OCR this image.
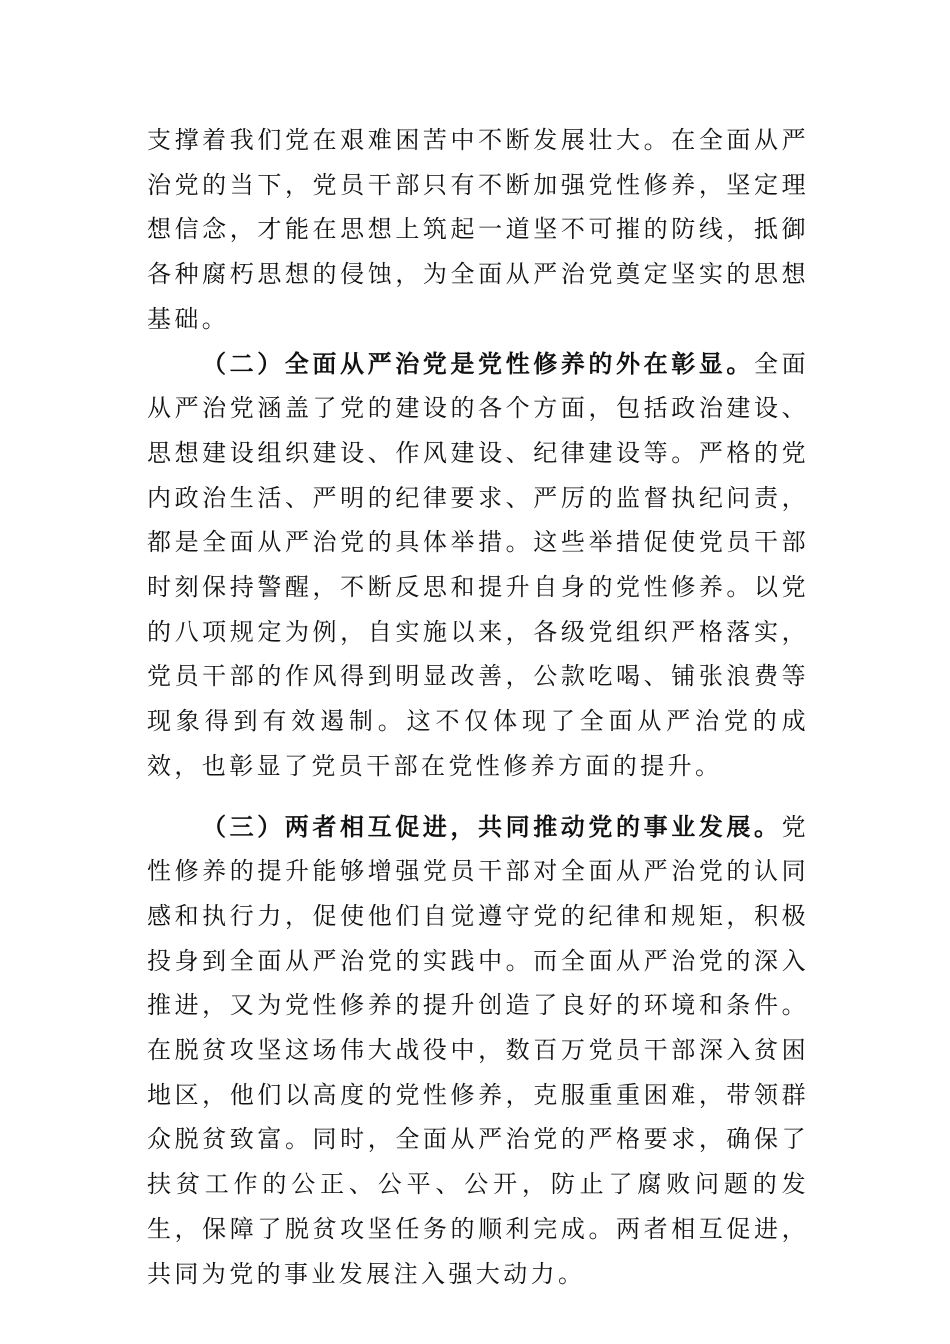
支撑着我们党在艰难困苦中不断发展壮大。在全面从严治党的当下，党员干部只有不断加强党性修养，坚定理想信念，才能在思想上筑起一道坚不可摧的防线，抵御各种腐朽思想的侵蚀，为全面从严治党奠定坚实的思想基础。

（二）全面从严治党是党性修养的外在彰显。全面从严治党涵盖了党的建设的各个方面，包括政治建设、思想建设组织建设、作风建设、纪律建设等。严格的党内政治生活、严明的纪律要求、严厉的监督执纪问责，都是全面从严治党的具体举措。这些举措促使党员干部时刻保持警醒，不断反思和提升自身的党性修养。以党的八项规定为例，自实施以来，各级党组织严格落实，党员干部的作风得到明显改善，公款吃喝、铺张浪费等现象得到有效遏制。这不仅体现了全面从严治党的成效，也彰显了党员干部在党性修养方面的提升。

（三）两者相互促进，共同推动党的事业发展。党性修养的提升能够增强党员干部对全面从严治党的认同感和执行力，促使他们自觉遵守党的纪律和规矩，积极投身到全面从严治党的实践中。而全面从严治党的深入推进，又为党性修养的提升创造了良好的环境和条件。在脱贫攻坚这场伟大战役中，数百万党员干部深入贫困地区，他们以高度的党性修养，克服重重困难，带领群众脱贫致富。同时，全面从严治党的严格要求，确保了扶贫工作的公正、公平、公开，防止了腐败问题的发生，保障了脱贫攻坚任务的顺利完成。两者相互促进，共同为党的事业发展注入强大动力。
